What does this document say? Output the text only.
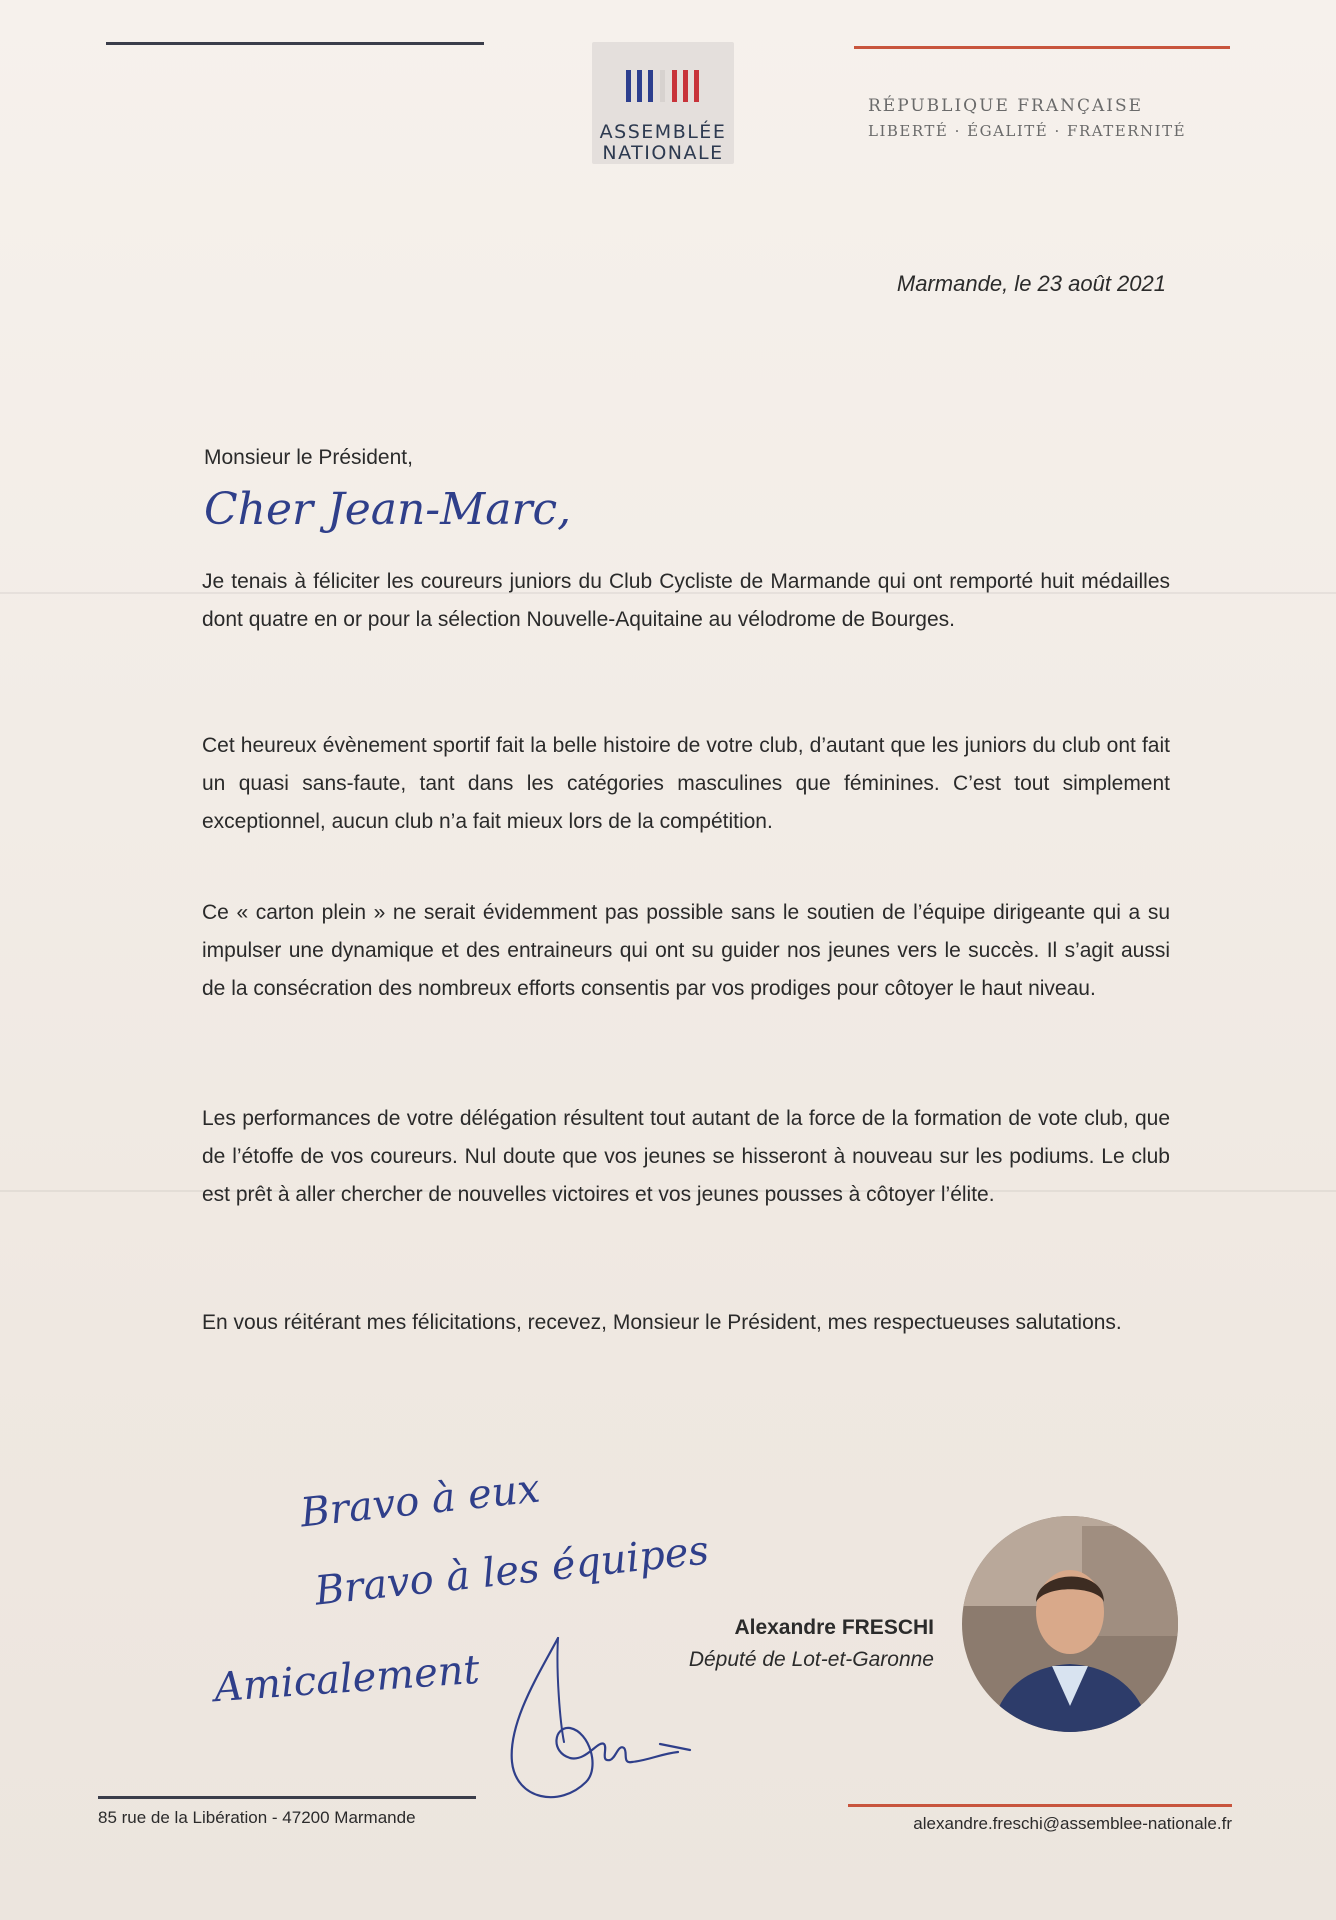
ASSEMBLÉE
NATIONALE
RÉPUBLIQUE FRANÇAISE
LIBERTÉ · ÉGALITÉ · FRATERNITÉ
Marmande, le 23 août 2021
Monsieur le Président,
Cher Jean-Marc,
Je tenais à féliciter les coureurs juniors du Club Cycliste de Marmande qui ont remporté huit médailles dont quatre en or pour la sélection Nouvelle-Aquitaine au vélodrome de Bourges.
Cet heureux évènement sportif fait la belle histoire de votre club, d’autant que les juniors du club ont fait un quasi sans-faute, tant dans les catégories masculines que féminines. C’est tout simplement exceptionnel, aucun club n’a fait mieux lors de la compétition.
Ce « carton plein » ne serait évidemment pas possible sans le soutien de l’équipe dirigeante qui a su impulser une dynamique et des entraineurs qui ont su guider nos jeunes vers le succès. Il s’agit aussi de la consécration des nombreux efforts consentis par vos prodiges pour côtoyer le haut niveau.
Les performances de votre délégation résultent tout autant de la force de la formation de vote club, que de l’étoffe de vos coureurs. Nul doute que vos jeunes se hisseront à nouveau sur les podiums. Le club est prêt à aller chercher de nouvelles victoires et vos jeunes pousses à côtoyer l’élite.
En vous réitérant mes félicitations, recevez, Monsieur le Président, mes respectueuses salutations.
Bravo à eux
Bravo à les équipes
Amicalement
Alexandre FRESCHI
Député de Lot-et-Garonne
85 rue de la Libération - 47200 Marmande	alexandre.freschi@assemblee-nationale.fr
